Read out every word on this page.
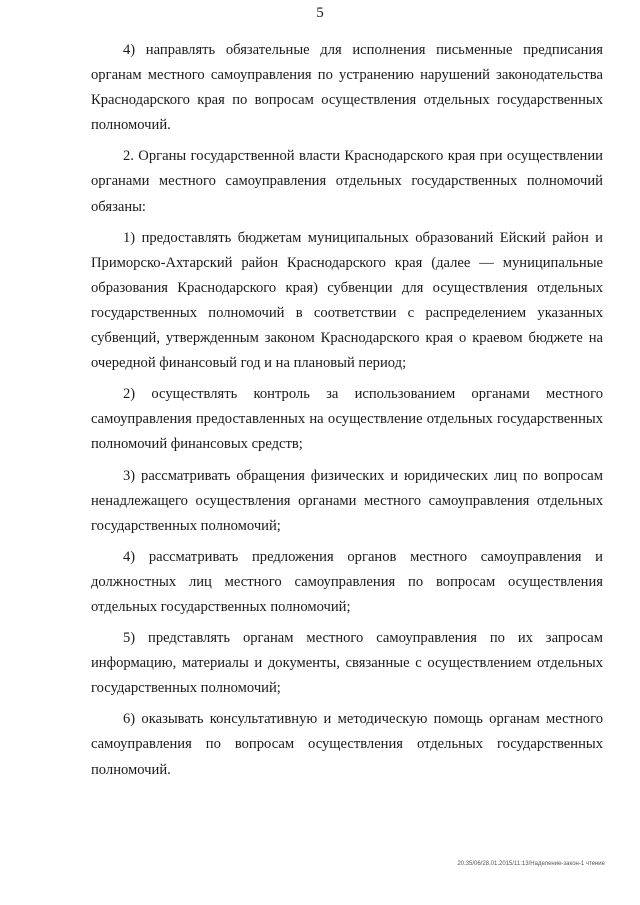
5

4) направлять обязательные для исполнения письменные предписания органам местного самоуправления по устранению нарушений законодательства Краснодарского края по вопросам осуществления отдельных государственных полномочий.

2. Органы государственной власти Краснодарского края при осуществлении органами местного самоуправления отдельных государственных полномочий обязаны:

1) предоставлять бюджетам муниципальных образований Ейский район и Приморско-Ахтарский район Краснодарского края (далее — муниципальные образования Краснодарского края) субвенции для осуществления отдельных государственных полномочий в соответствии с распределением указанных субвенций, утвержденным законом Краснодарского края о краевом бюджете на очередной финансовый год и на плановый период;

2) осуществлять контроль за использованием органами местного самоуправления предоставленных на осуществление отдельных государственных полномочий финансовых средств;

3) рассматривать обращения физических и юридических лиц по вопросам ненадлежащего осуществления органами местного самоуправления отдельных государственных полномочий;

4) рассматривать предложения органов местного самоуправления и должностных лиц местного самоуправления по вопросам осуществления отдельных государственных полномочий;

5) представлять органам местного самоуправления по их запросам информацию, материалы и документы, связанные с осуществлением отдельных государственных полномочий;

6) оказывать консультативную и методическую помощь органам местного самоуправления по вопросам осуществления отдельных государственных полномочий.

20.35/06/28.01.2015/11:13/Наделение-закон-1 чтение
